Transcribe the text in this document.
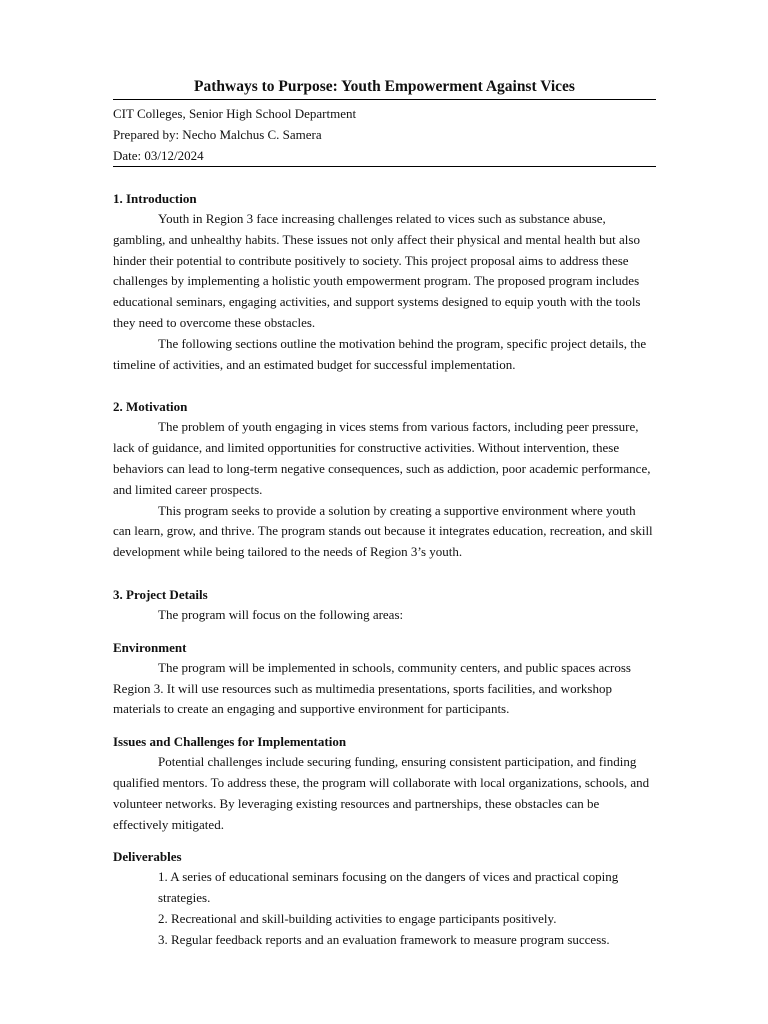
Pathways to Purpose: Youth Empowerment Against Vices

CIT Colleges, Senior High School Department

Prepared by: Necho Malchus C. Samera

Date: 03/12/2024

1. Introduction

Youth in Region 3 face increasing challenges related to vices such as substance abuse, gambling, and unhealthy habits. These issues not only affect their physical and mental health but also hinder their potential to contribute positively to society. This project proposal aims to address these challenges by implementing a holistic youth empowerment program. The proposed program includes educational seminars, engaging activities, and support systems designed to equip youth with the tools they need to overcome these obstacles.

The following sections outline the motivation behind the program, specific project details, the timeline of activities, and an estimated budget for successful implementation.

2. Motivation

The problem of youth engaging in vices stems from various factors, including peer pressure, lack of guidance, and limited opportunities for constructive activities. Without intervention, these behaviors can lead to long-term negative consequences, such as addiction, poor academic performance, and limited career prospects.

This program seeks to provide a solution by creating a supportive environment where youth can learn, grow, and thrive. The program stands out because it integrates education, recreation, and skill development while being tailored to the needs of Region 3’s youth.

3. Project Details

The program will focus on the following areas:

Environment

The program will be implemented in schools, community centers, and public spaces across Region 3. It will use resources such as multimedia presentations, sports facilities, and workshop materials to create an engaging and supportive environment for participants.

Issues and Challenges for Implementation

Potential challenges include securing funding, ensuring consistent participation, and finding qualified mentors. To address these, the program will collaborate with local organizations, schools, and volunteer networks. By leveraging existing resources and partnerships, these obstacles can be effectively mitigated.

Deliverables
1. A series of educational seminars focusing on the dangers of vices and practical coping strategies.
2. Recreational and skill-building activities to engage participants positively.
3. Regular feedback reports and an evaluation framework to measure program success.
